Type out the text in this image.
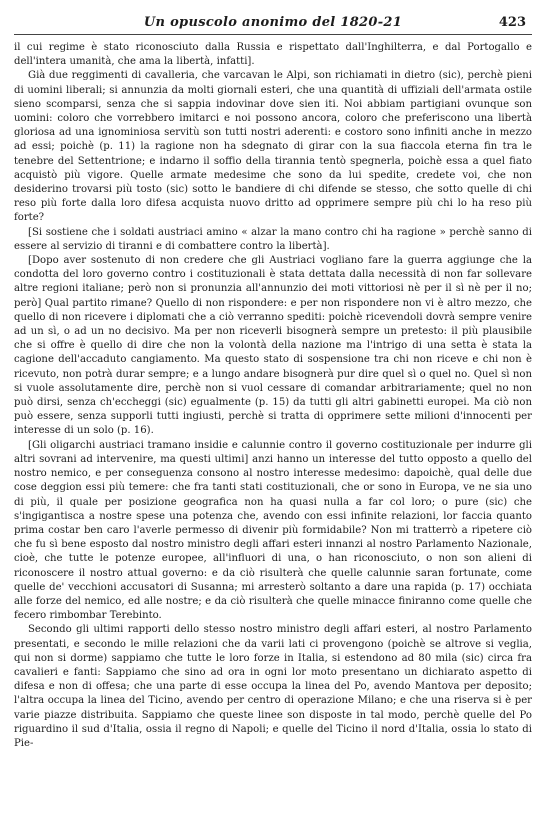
Un opuscolo anonimo del 1820-21	423

il cui regime è stato riconosciuto dalla Russia e rispettato dall'Inghilterra, e dal Portogallo e dell'intera umanità, che ama la libertà, infatti].

Già due reggimenti di cavalleria, che varcavan le Alpi, son richiamati in dietro (sic), perchè pieni di uomini liberali; si annunzia da molti giornali esteri, che una quantità di uffiziali dell'armata ostile sieno scomparsi, senza che si sappia indovinar dove sien iti. Noi abbiam partigiani ovunque son uomini: coloro che vorrebbero imitarci e noi possono ancora, coloro che preferiscono una libertà gloriosa ad una ignominiosa servitù son tutti nostri aderenti: e costoro sono infiniti anche in mezzo ad essi; poichè (p. 11) la ragione non ha sdegnato di girar con la sua fiaccola eterna fin tra le tenebre del Settentrione; e indarno il soffio della tirannia tentò spegnerla, poichè essa a quel fiato acquistò più vigore. Quelle armate medesime che sono da lui spedite, credete voi, che non desiderino trovarsi più tosto (sic) sotto le bandiere di chi difende se stesso, che sotto quelle di chi reso più forte dalla loro difesa acquista nuovo dritto ad opprimere sempre più chi lo ha reso più forte?

[Si sostiene che i soldati austriaci amino « alzar la mano contro chi ha ragione » perchè sanno di essere al servizio di tiranni e di combattere contro la libertà].

[Dopo aver sostenuto di non credere che gli Austriaci vogliano fare la guerra aggiunge che la condotta del loro governo contro i costituzionali è stata dettata dalla necessità di non far sollevare altre regioni italiane; però non si pronunzia all'annunzio dei moti vittoriosi nè per il sì nè per il no; però] Qual partito rimane? Quello di non rispondere: e per non rispondere non vi è altro mezzo, che quello di non ricevere i diplomati che a ciò verranno spediti: poichè ricevendoli dovrà sempre venire ad un sì, o ad un no decisivo. Ma per non riceverli bisognerà sempre un pretesto: il più plausibile che si offre è quello di dire che non la volontà della nazione ma l'intrigo di una setta è stata la cagione dell'accaduto cangiamento. Ma questo stato di sospensione tra chi non riceve e chi non è ricevuto, non potrà durar sempre; e a lungo andare bisognerà pur dire quel sì o quel no. Quel sì non si vuole assolutamente dire, perchè non si vuol cessare di comandar arbitrariamente; quel no non può dirsi, senza ch'eccheggi (sic) egualmente (p. 15) da tutti gli altri gabinetti europei. Ma ciò non può essere, senza supporli tutti ingiusti, perchè si tratta di opprimere sette milioni d'innocenti per interesse di un solo (p. 16).

[Gli oligarchi austriaci tramano insidie e calunnie contro il governo costituzionale per indurre gli altri sovrani ad intervenire, ma questi ultimi] anzi hanno un interesse del tutto opposto a quello del nostro nemico, e per conseguenza consono al nostro interesse medesimo: dapoichè, qual delle due cose deggion essi più temere: che fra tanti stati costituzionali, che or sono in Europa, ve ne sia uno di più, il quale per posizione geografica non ha quasi nulla a far col loro; o pure (sic) che s'ingigantisca a nostre spese una potenza che, avendo con essi infinite relazioni, lor faccia quanto prima costar ben caro l'averle permesso di divenir più formidabile? Non mi tratterrò a ripetere ciò che fu sì bene esposto dal nostro ministro degli affari esteri innanzi al nostro Parlamento Nazionale, cioè, che tutte le potenze europee, all'influori di una, o han riconosciuto, o non son alieni di riconoscere il nostro attual governo: e da ciò risulterà che quelle calunnie saran fortunate, come quelle de' vecchioni accusatori di Susanna; mi arresterò soltanto a dare una rapida (p. 17) occhiata alle forze del nemico, ed alle nostre; e da ciò risulterà che quelle minacce finiranno come quelle che fecero rimbombar Terebinto.

Secondo gli ultimi rapporti dello stesso nostro ministro degli affari esteri, al nostro Parlamento presentati, e secondo le mille relazioni che da varii lati ci provengono (poichè se altrove si veglia, qui non si dorme) sappiamo che tutte le loro forze in Italia, si estendono ad 80 mila (sic) circa fra cavalieri e fanti: Sappiamo che sino ad ora in ogni lor moto presentano un dichiarato aspetto di difesa e non di offesa; che una parte di esse occupa la linea del Po, avendo Mantova per deposito; l'altra occupa la linea del Ticino, avendo per centro di operazione Milano; e che una riserva si è per varie piazze distribuita. Sappiamo che queste linee son disposte in tal modo, perchè quelle del Po riguardino il sud d'Italia, ossia il regno di Napoli; e quelle del Ticino il nord d'Italia, ossia lo stato di Pie-
